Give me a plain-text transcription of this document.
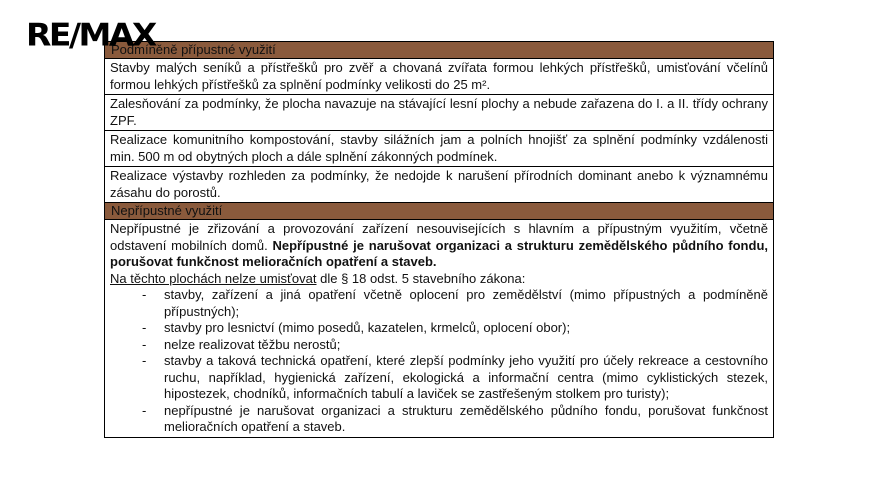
RE/MAX
Podmíněně přípustné využití
Stavby malých seníků a přístřešků pro zvěř a chovaná zvířata formou lehkých přístřešků, umisťování včelínů formou lehkých přístřešků za splnění podmínky velikosti do 25 m².
Zalesňování za podmínky, že plocha navazuje na stávající lesní plochy a nebude zařazena do I. a II. třídy ochrany ZPF.
Realizace komunitního kompostování, stavby silážních jam a polních hnojišť za splnění podmínky vzdálenosti min. 500 m od obytných ploch a dále splnění zákonných podmínek.
Realizace výstavby rozhleden za podmínky, že nedojde k narušení přírodních dominant anebo k významnému zásahu do porostů.
Nepřípustné využití
Nepřípustné je zřizování a provozování zařízení nesouvisejících s hlavním a přípustným využitím, včetně odstavení mobilních domů. Nepřípustné je narušovat organizaci a strukturu zemědělského půdního fondu, porušovat funkčnost melioračních opatření a staveb.
Na těchto plochách nelze umisťovat dle § 18 odst. 5 stavebního zákona:
- stavby, zařízení a jiná opatření včetně oplocení pro zemědělství (mimo přípustných a podmíněně přípustných);
- stavby pro lesnictví (mimo posedů, kazatelen, krmelců, oplocení obor);
- nelze realizovat těžbu nerostů;
- stavby a taková technická opatření, které zlepší podmínky jeho využití pro účely rekreace a cestovního ruchu, například, hygienická zařízení, ekologická a informační centra (mimo cyklistických stezek, hipostezek, chodníků, informačních tabulí a laviček se zastřešeným stolkem pro turisty);
- nepřípustné je narušovat organizaci a strukturu zemědělského půdního fondu, porušovat funkčnost melioračních opatření a staveb.
